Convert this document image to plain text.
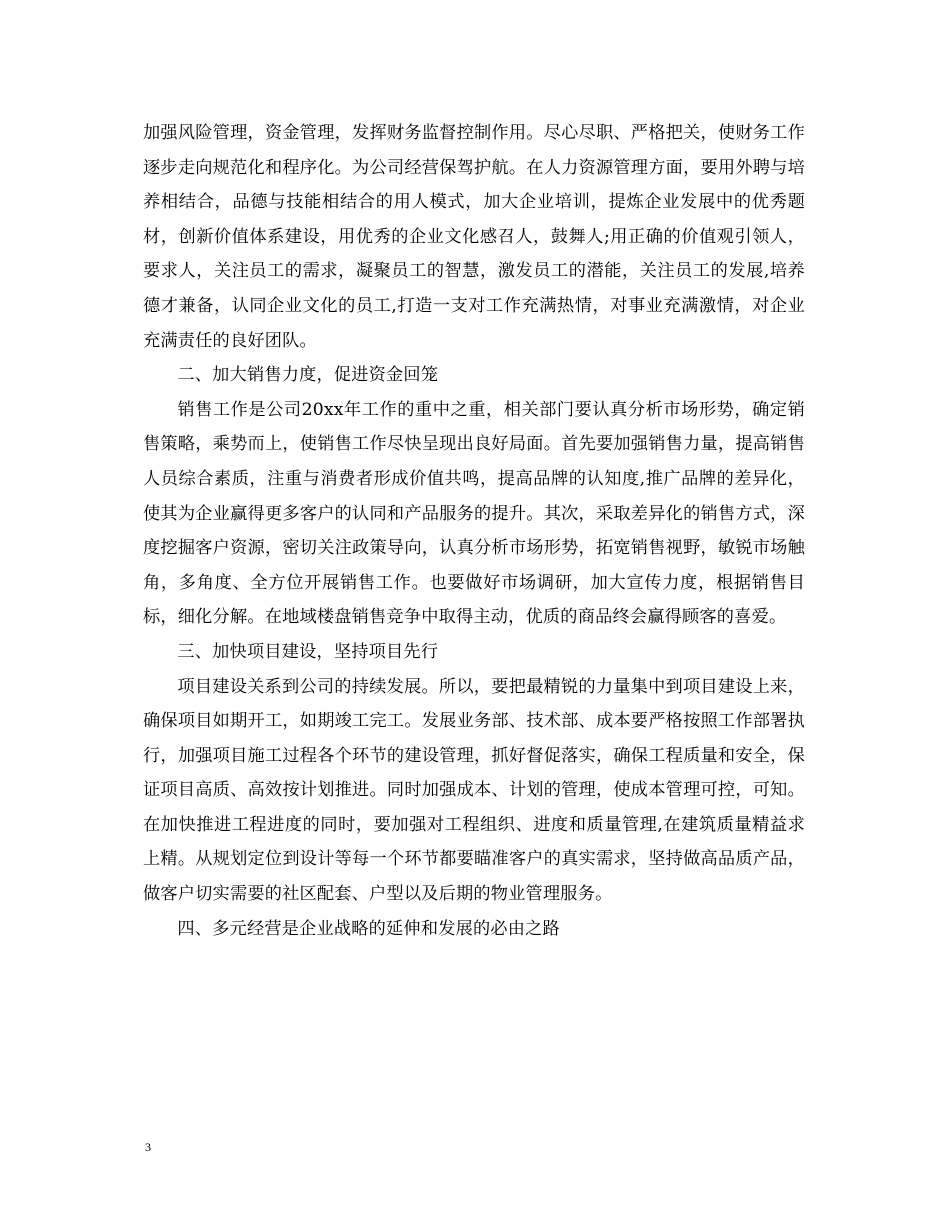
加强风险管理，资金管理，发挥财务监督控制作用。尽心尽职、严格把关，使财务工作逐步走向规范化和程序化。为公司经营保驾护航。在人力资源管理方面，要用外聘与培养相结合，品德与技能相结合的用人模式，加大企业培训，提炼企业发展中的优秀题材，创新价值体系建设，用优秀的企业文化感召人，鼓舞人;用正确的价值观引领人，要求人，关注员工的需求，凝聚员工的智慧，激发员工的潜能，关注员工的发展,培养德才兼备，认同企业文化的员工,打造一支对工作充满热情，对事业充满激情，对企业充满责任的良好团队。

二、加大销售力度，促进资金回笼

销售工作是公司20xx年工作的重中之重，相关部门要认真分析市场形势，确定销售策略，乘势而上，使销售工作尽快呈现出良好局面。首先要加强销售力量，提高销售人员综合素质，注重与消费者形成价值共鸣，提高品牌的认知度,推广品牌的差异化，使其为企业赢得更多客户的认同和产品服务的提升。其次，采取差异化的销售方式，深度挖掘客户资源，密切关注政策导向，认真分析市场形势，拓宽销售视野，敏锐市场触角，多角度、全方位开展销售工作。也要做好市场调研，加大宣传力度，根据销售目标，细化分解。在地域楼盘销售竞争中取得主动，优质的商品终会赢得顾客的喜爱。

三、加快项目建设，坚持项目先行

项目建设关系到公司的持续发展。所以，要把最精锐的力量集中到项目建设上来，确保项目如期开工，如期竣工完工。发展业务部、技术部、成本要严格按照工作部署执行，加强项目施工过程各个环节的建设管理，抓好督促落实，确保工程质量和安全，保证项目高质、高效按计划推进。同时加强成本、计划的管理，使成本管理可控，可知。在加快推进工程进度的同时，要加强对工程组织、进度和质量管理,在建筑质量精益求上精。从规划定位到设计等每一个环节都要瞄准客户的真实需求，坚持做高品质产品，做客户切实需要的社区配套、户型以及后期的物业管理服务。

四、多元经营是企业战略的延伸和发展的必由之路

3
